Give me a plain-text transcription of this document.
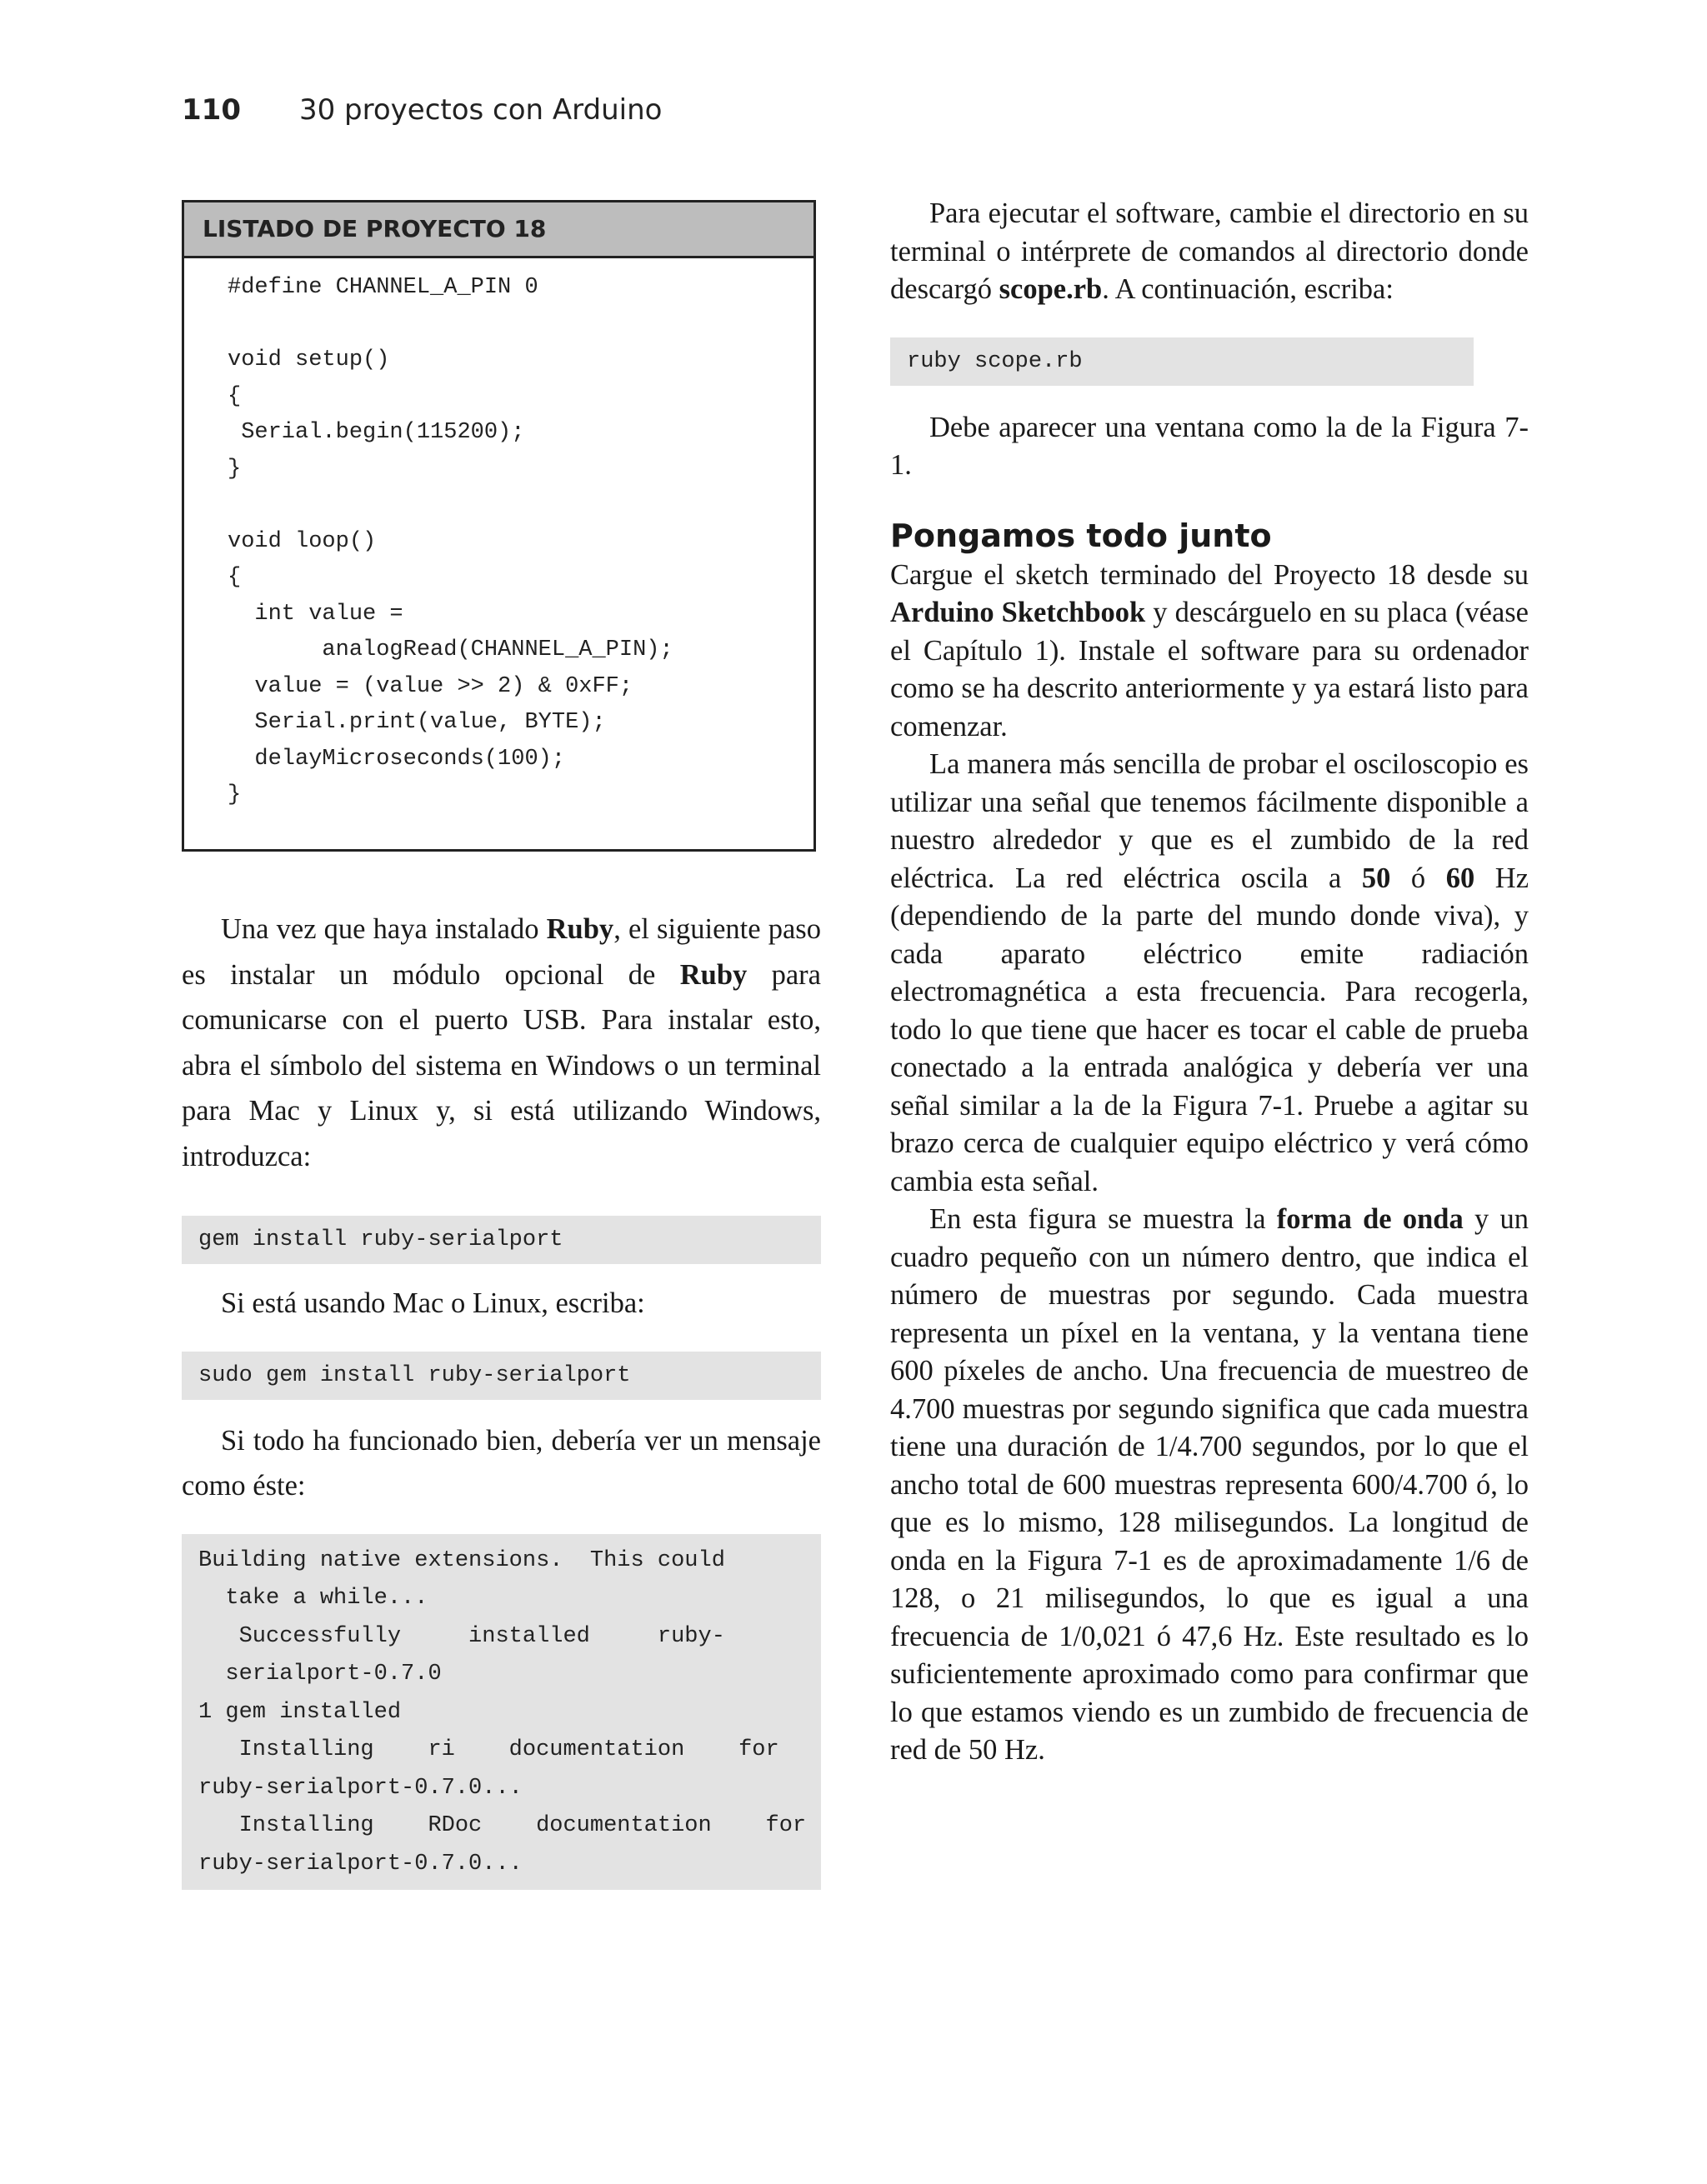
110 30 proyectos con Arduino
LISTADO DE PROYECTO 18
#define CHANNEL_A_PIN 0

void setup()
{
Serial.begin(115200);
}

void loop()
{
int value =
analogRead(CHANNEL_A_PIN);
value = (value >> 2) & 0xFF;
Serial.print(value, BYTE);
delayMicroseconds(100);
}

Una vez que haya instalado Ruby, el siguiente paso es instalar un módulo opcional de Ruby para comunicarse con el puerto USB. Para instalar esto, abra el símbolo del sistema en Windows o un terminal para Mac y Linux y, si está utilizando Windows, introduzca:

gem install ruby-serialport

Si está usando Mac o Linux, escriba:

sudo gem install ruby-serialport

Si todo ha funcionado bien, debería ver un mensaje como éste:

Building native extensions.  This could
take a while...
Successfully     installed     ruby-
serialport-0.7.0
1 gem installed
Installing    ri    documentation    for
ruby-serialport-0.7.0...
Installing    RDoc    documentation    for
ruby-serialport-0.7.0...

Para ejecutar el software, cambie el directorio en su terminal o intérprete de comandos al directorio donde descargó scope.rb. A continuación, escriba:

ruby scope.rb

Debe aparecer una ventana como la de la Figura 7-1.

Pongamos todo junto

Cargue el sketch terminado del Proyecto 18 desde su Arduino Sketchbook y descárguelo en su placa (véase el Capítulo 1). Instale el software para su ordenador como se ha descrito anteriormente y ya estará listo para comenzar.

La manera más sencilla de probar el osciloscopio es utilizar una señal que tenemos fácilmente disponible a nuestro alrededor y que es el zumbido de la red eléctrica. La red eléctrica oscila a 50 ó 60 Hz (dependiendo de la parte del mundo donde viva), y cada aparato eléctrico emite radiación electromagnética a esta frecuencia. Para recogerla, todo lo que tiene que hacer es tocar el cable de prueba conectado a la entrada analógica y debería ver una señal similar a la de la Figura 7-1. Pruebe a agitar su brazo cerca de cualquier equipo eléctrico y verá cómo cambia esta señal.

En esta figura se muestra la forma de onda y un cuadro pequeño con un número dentro, que indica el número de muestras por segundo. Cada muestra representa un píxel en la ventana, y la ventana tiene 600 píxeles de ancho. Una frecuencia de muestreo de 4.700 muestras por segundo significa que cada muestra tiene una duración de 1/4.700 segundos, por lo que el ancho total de 600 muestras representa 600/4.700 ó, lo que es lo mismo, 128 milisegundos. La longitud de onda en la Figura 7-1 es de aproximadamente 1/6 de 128, o 21 milisegundos, lo que es igual a una frecuencia de 1/0,021 ó 47,6 Hz. Este resultado es lo suficientemente aproximado como para confirmar que lo que estamos viendo es un zumbido de frecuencia de red de 50 Hz.
